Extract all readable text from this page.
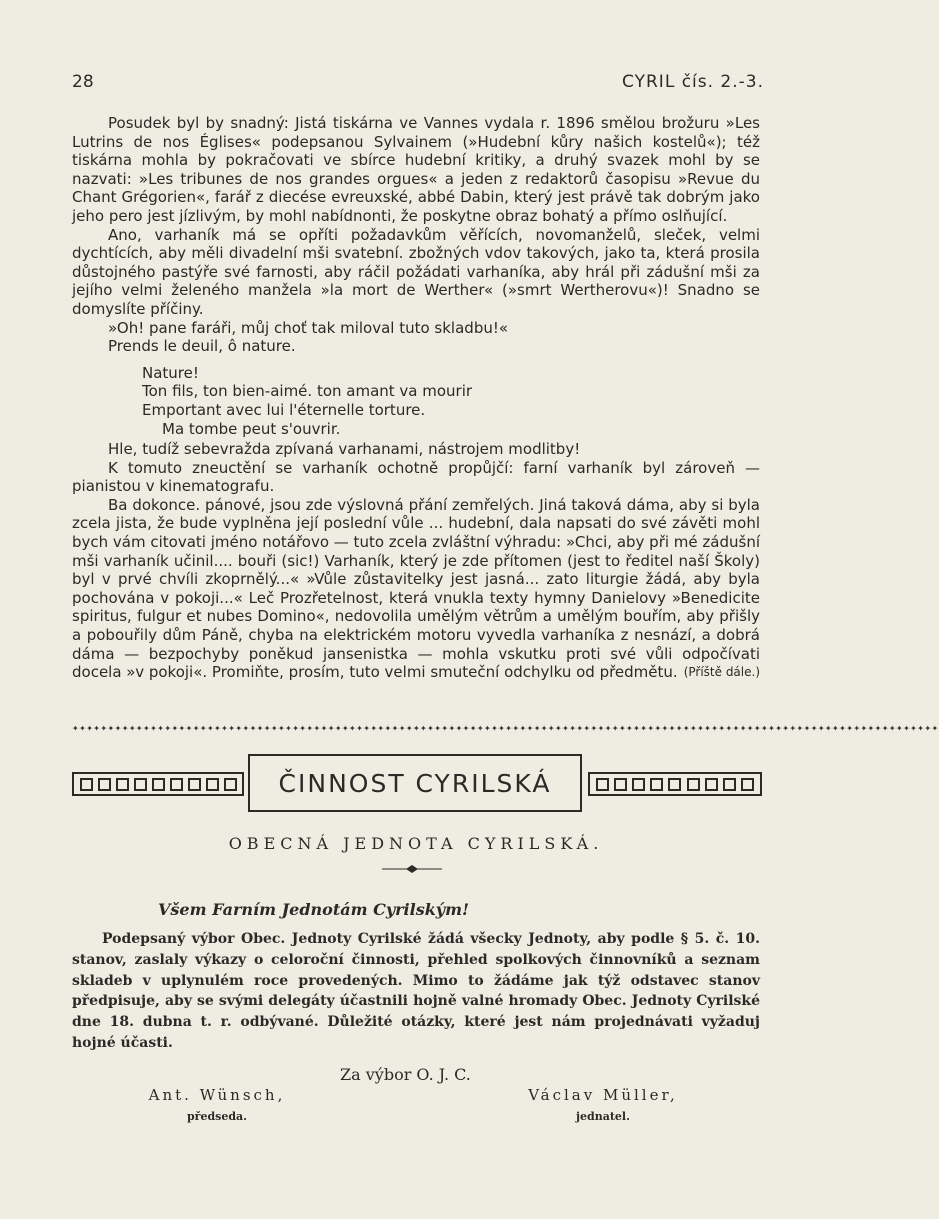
28	CYRIL čís. 2.-3.

Posudek byl by snadný: Jistá tiskárna ve Vannes vydala r. 1896 smělou brožuru »Les Lutrins de nos Églises« podepsanou Sylvainem (»Hudební kůry našich kostelů«); též tiskárna mohla by pokračovati ve sbírce hudební kritiky, a druhý svazek mohl by se nazvati: »Les tribunes de nos grandes orgues« a jeden z redaktorů časopisu »Revue du Chant Grégorien«, farář z diecése evreuxské, abbé Dabin, který jest právě tak dobrým jako jeho pero jest jízlivým, by mohl nabídnonti, že poskytne obraz bohatý a přímo oslňující.

Ano, varhaník má se opříti požadavkům věřících, novomanželů, sleček, velmi dychtících, aby měli divadelní mši svatební. zbožných vdov takových, jako ta, která prosila důstojného pastýře své farnosti, aby ráčil požádati varhaníka, aby hrál při zádušní mši za jejího velmi želeného manžela »la mort de Werther« (»smrt Wertherovu«)! Snadno se domyslíte příčiny.

»Oh! pane faráři, můj choť tak miloval tuto skladbu!«

Prends le deuil, ô nature.

Nature!
Ton fils, ton bien-aimé. ton amant va mourir
Emportant avec lui l'éternelle torture.
Ma tombe peut s'ouvrir.

Hle, tudíž sebevražda zpívaná varhanami, nástrojem modlitby!

K tomuto zneuctění se varhaník ochotně propůjčí: farní varhaník byl zároveň — pianistou v kinematografu.

Ba dokonce. pánové, jsou zde výslovná přání zemřelých. Jiná taková dáma, aby si byla zcela jista, že bude vyplněna její poslední vůle ... hudební, dala napsati do své závěti mohl bych vám citovati jméno notářovo — tuto zcela zvláštní výhradu: »Chci, aby při mé zádušní mši varhaník učinil.... bouři (sic!) Varhaník, který je zde přítomen (jest to ředitel naší Školy) byl v prvé chvíli zkoprnělý...« »Vůle zůstavitelky jest jasná... zato liturgie žádá, aby byla pochována v pokoji...« Leč Prozřetelnost, která vnukla texty hymny Danielovy »Benedicite spiritus, fulgur et nubes Domino«, nedovolila umělým větrům a umělým bouřím, aby přišly a pobouřily dům Páně, chyba na elektrickém motoru vyvedla varhaníka z nesnází, a dobrá dáma — bezpochyby poněkud jansenistka — mohla vskutku proti své vůli odpočívati docela »v pokoji«. Promiňte, prosím, tuto velmi smuteční odchylku od předmětu. (Příště dále.)

✦✦✦✦✦✦✦✦✦✦✦✦✦✦✦✦✦✦✦✦✦✦✦✦✦✦✦✦✦✦✦✦✦✦✦✦✦✦✦✦✦✦✦✦✦✦✦✦✦✦✦✦✦✦✦✦✦✦✦✦✦✦✦✦✦✦✦✦✦✦✦✦✦✦✦✦✦✦✦✦✦✦✦✦✦✦✦✦✦✦✦✦✦✦✦✦✦✦✦✦✦✦✦✦✦✦✦✦✦✦✦✦✦✦✦✦✦✦✦✦✦✦
ČINNOST CYRILSKÁ
OBECNÁ JEDNOTA CYRILSKÁ.
Všem Farním Jednotám Cyrilským!
Podepsaný výbor Obec. Jednoty Cyrilské žádá všecky Jednoty, aby podle § 5. č. 10. stanov, zaslaly výkazy o celoroční činnosti, přehled spolkových činnovníků a seznam skladeb v uplynulém roce provedených. Mimo to žádáme jak týž odstavec stanov předpisuje, aby se svými delegáty účastnili hojně valné hromady Obec. Jednoty Cyrilské dne 18. dubna t. r. odbývané. Důležité otázky, které jest nám projednávati vyžaduj hojné účasti.
Za výbor O. J. C.
Ant. Wünsch,
předseda.
Václav Müller,
jednatel.
